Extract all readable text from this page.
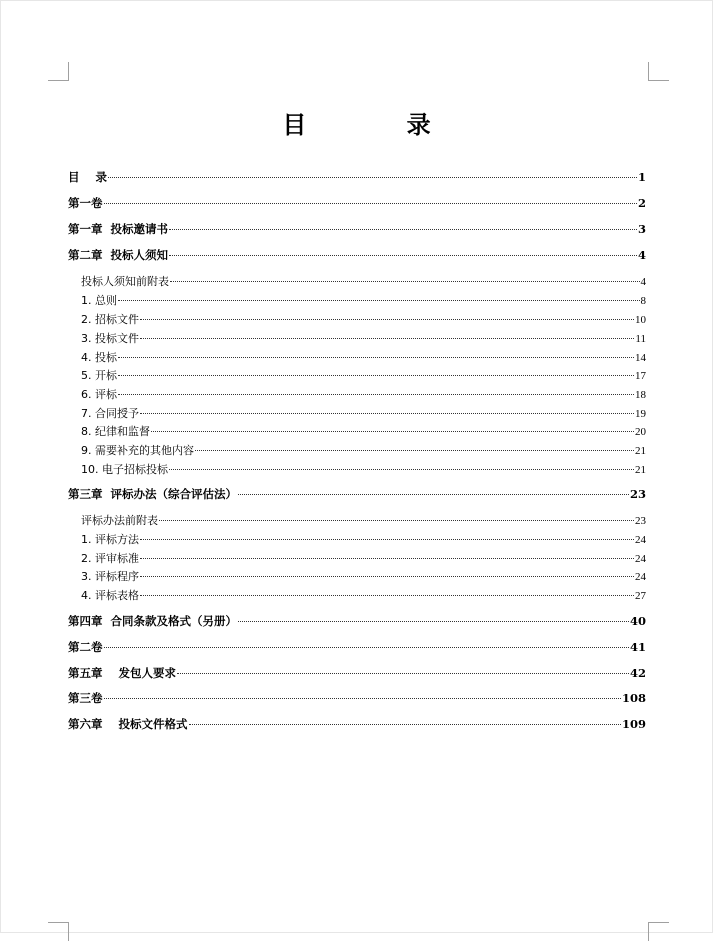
目 录
目    录	1
第一卷	2
第一章  投标邀请书	3
第二章  投标人须知	4
投标人须知前附表	4
1. 总则	8
2. 招标文件	10
3. 投标文件	11
4. 投标	14
5. 开标	17
6. 评标	18
7. 合同授予	19
8. 纪律和监督	20
9. 需要补充的其他内容	21
10. 电子招标投标	21
第三章  评标办法（综合评估法）	23
评标办法前附表	23
1. 评标方法	24
2. 评审标准	24
3. 评标程序	24
4. 评标表格	27
第四章  合同条款及格式（另册）	40
第二卷	41
第五章    发包人要求	42
第三卷	108
第六章    投标文件格式	109
